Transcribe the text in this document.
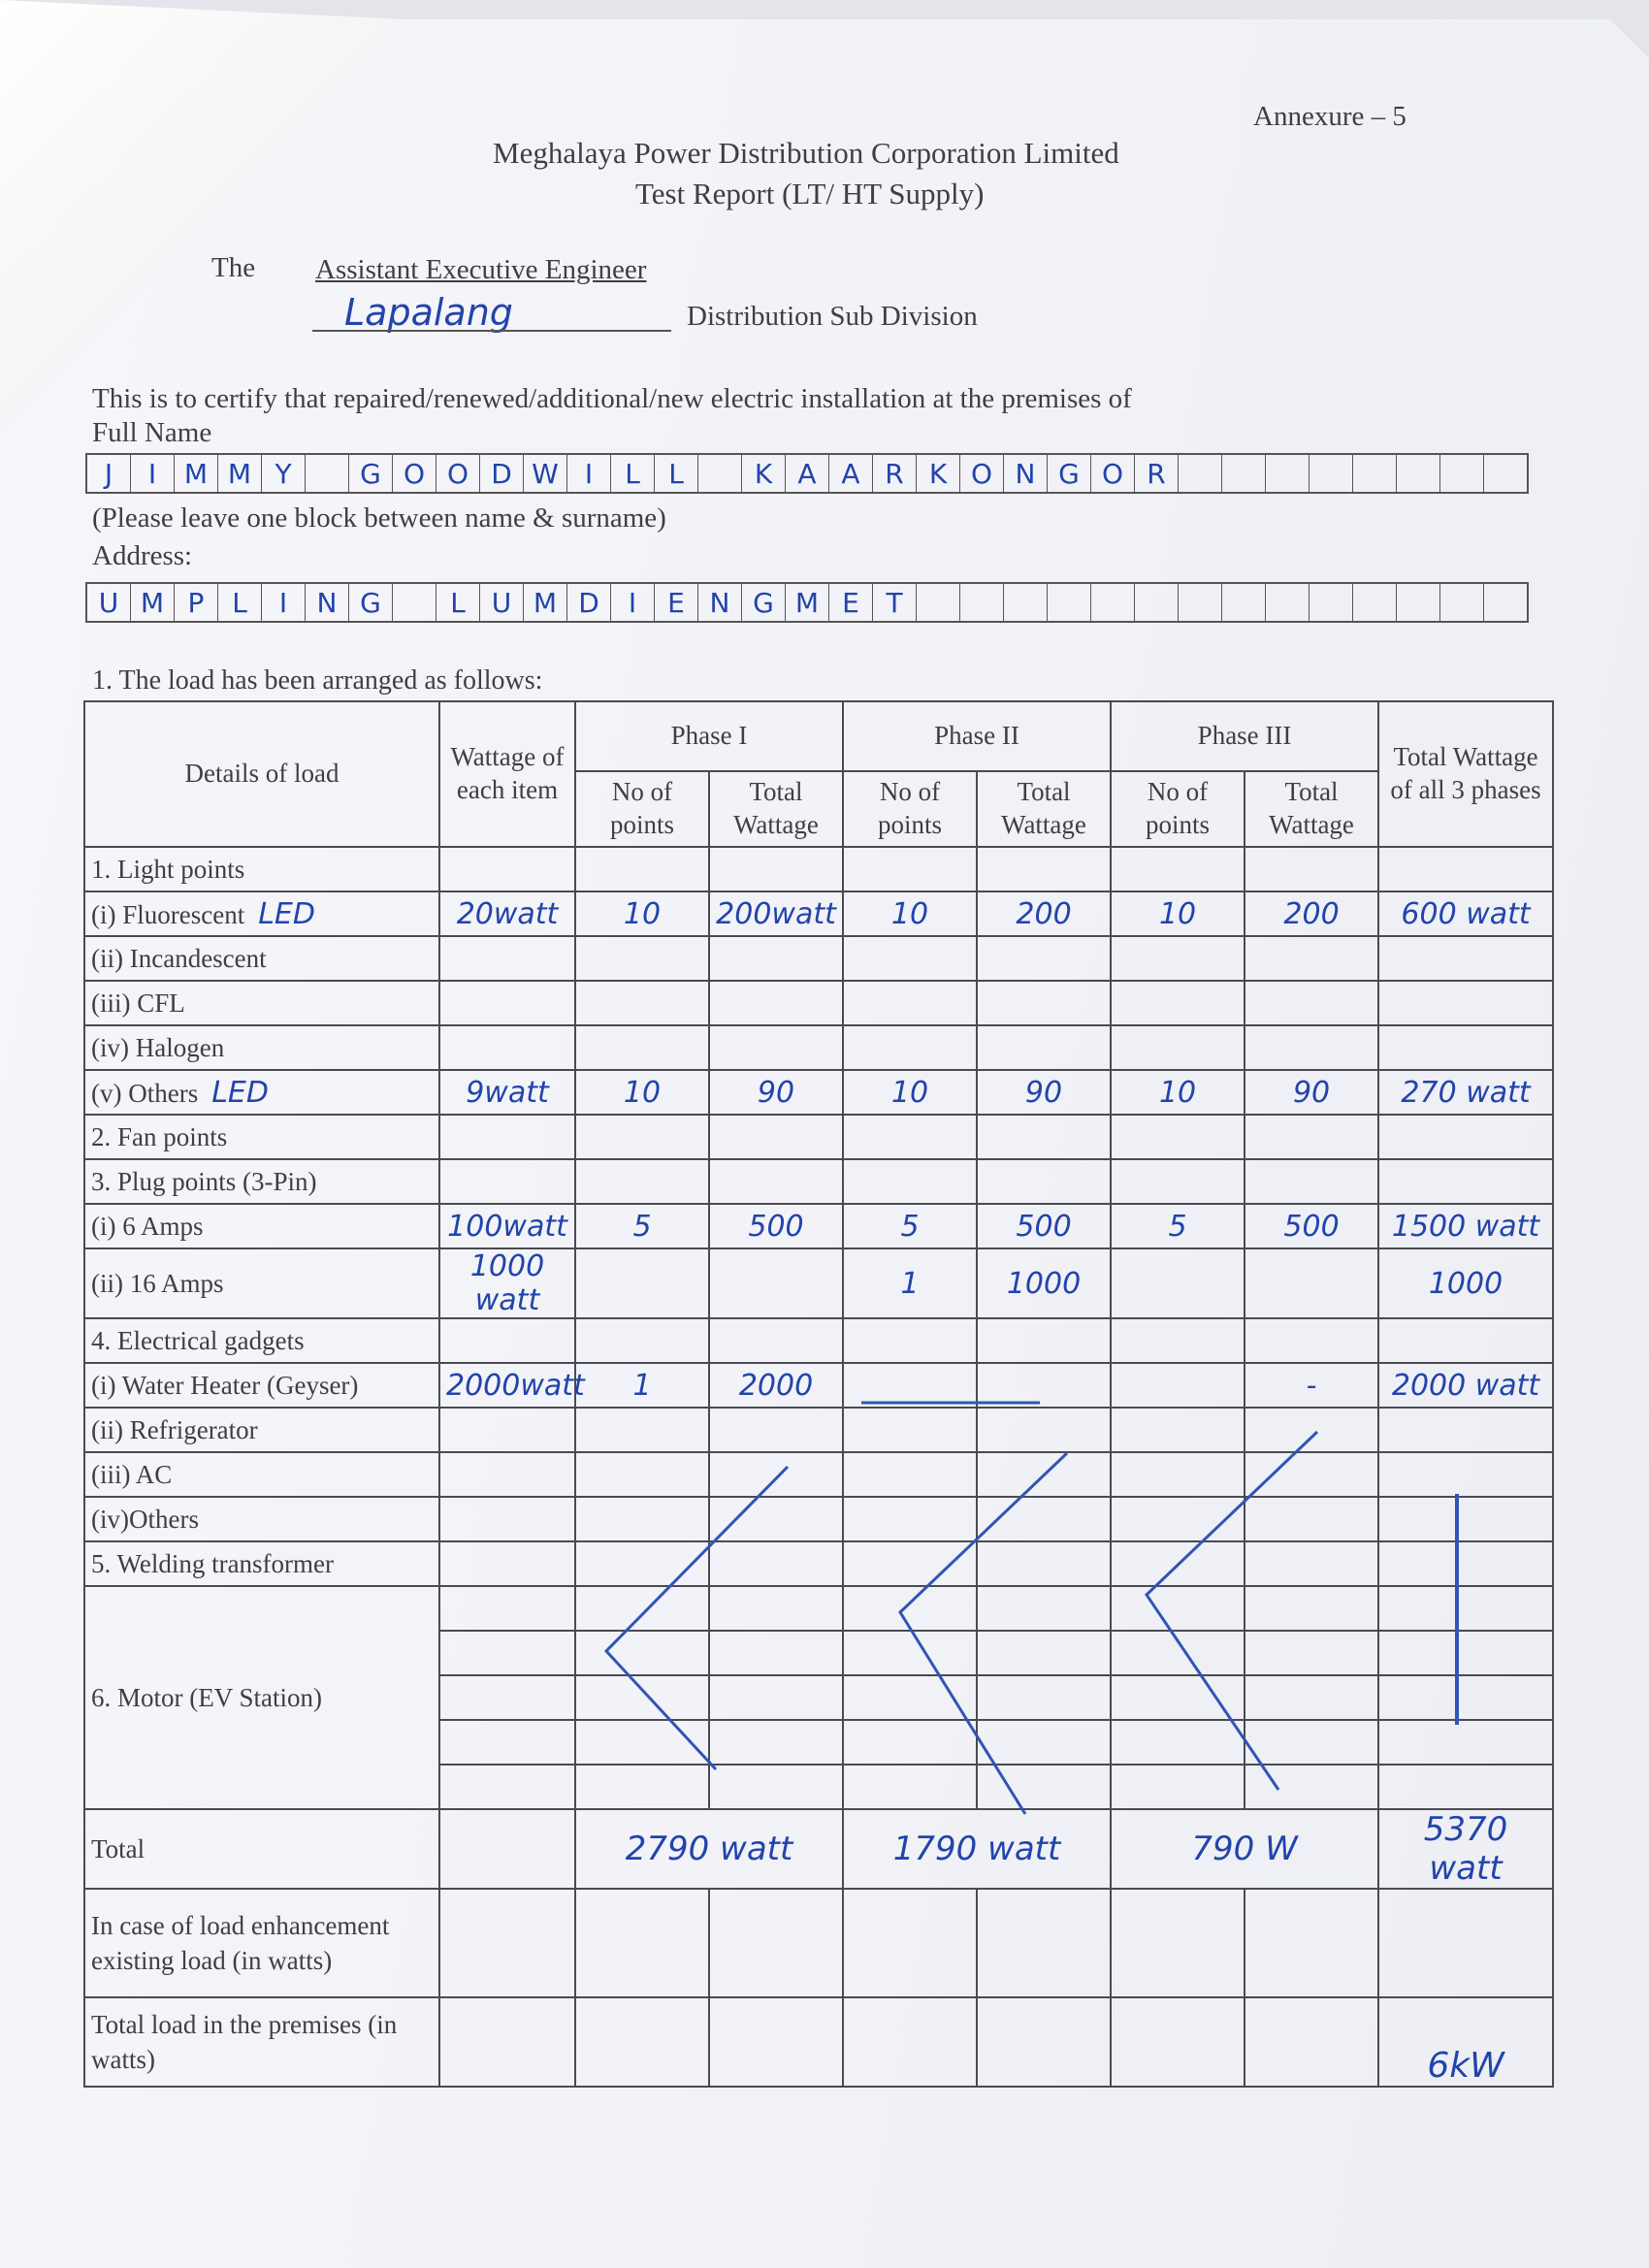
Annexure – 5
Meghalaya Power Distribution Corporation Limited
Test Report (LT/ HT Supply)
The Assistant Executive Engineer
Lapalang	Distribution Sub Division
This is to certify that repaired/renewed/additional/new electric installation at the premises of
Full Name
J	I	M M Y	G O O D W I	L	L	K A A R K O N G O R
(Please leave one block between name & surname)
Address:
U M P	L	I	N G	L U M D	I	E N G M E T
1. The load has been arranged as follows:
Details of load	Wattage of each item	Phase I		Phase II		Phase III		Total Wattage of all 3 phases
		No of points	Total Wattage	No of points	Total Wattage	No of points	Total Wattage	
1. Light points								
(i) Fluorescent LED	20watt	10	200watt	10	200	10	200	600 watt
(ii) Incandescent								
(iii) CFL								
(iv) Halogen								
(v) Others LED	9watt	10	90	10	90	10	90	270 watt
2. Fan points								
3. Plug points (3-Pin)								
(i) 6 Amps	100watt	5	500	5	500	5	500	1500 watt
(ii) 16 Amps	1000 watt			1	1000			1000
4. Electrical gadgets								
(i) Water Heater (Geyser)	2000watt	1	2000				-	2000 watt
(ii) Refrigerator								
(iii) AC								
(iv)Others								
5. Welding transformer								
6. Motor (EV Station)								

Total		2790 watt		1790 watt		790 W		5370 watt
In case of load enhancement existing load (in watts)								
Total load in the premises (in watts)								6kW
